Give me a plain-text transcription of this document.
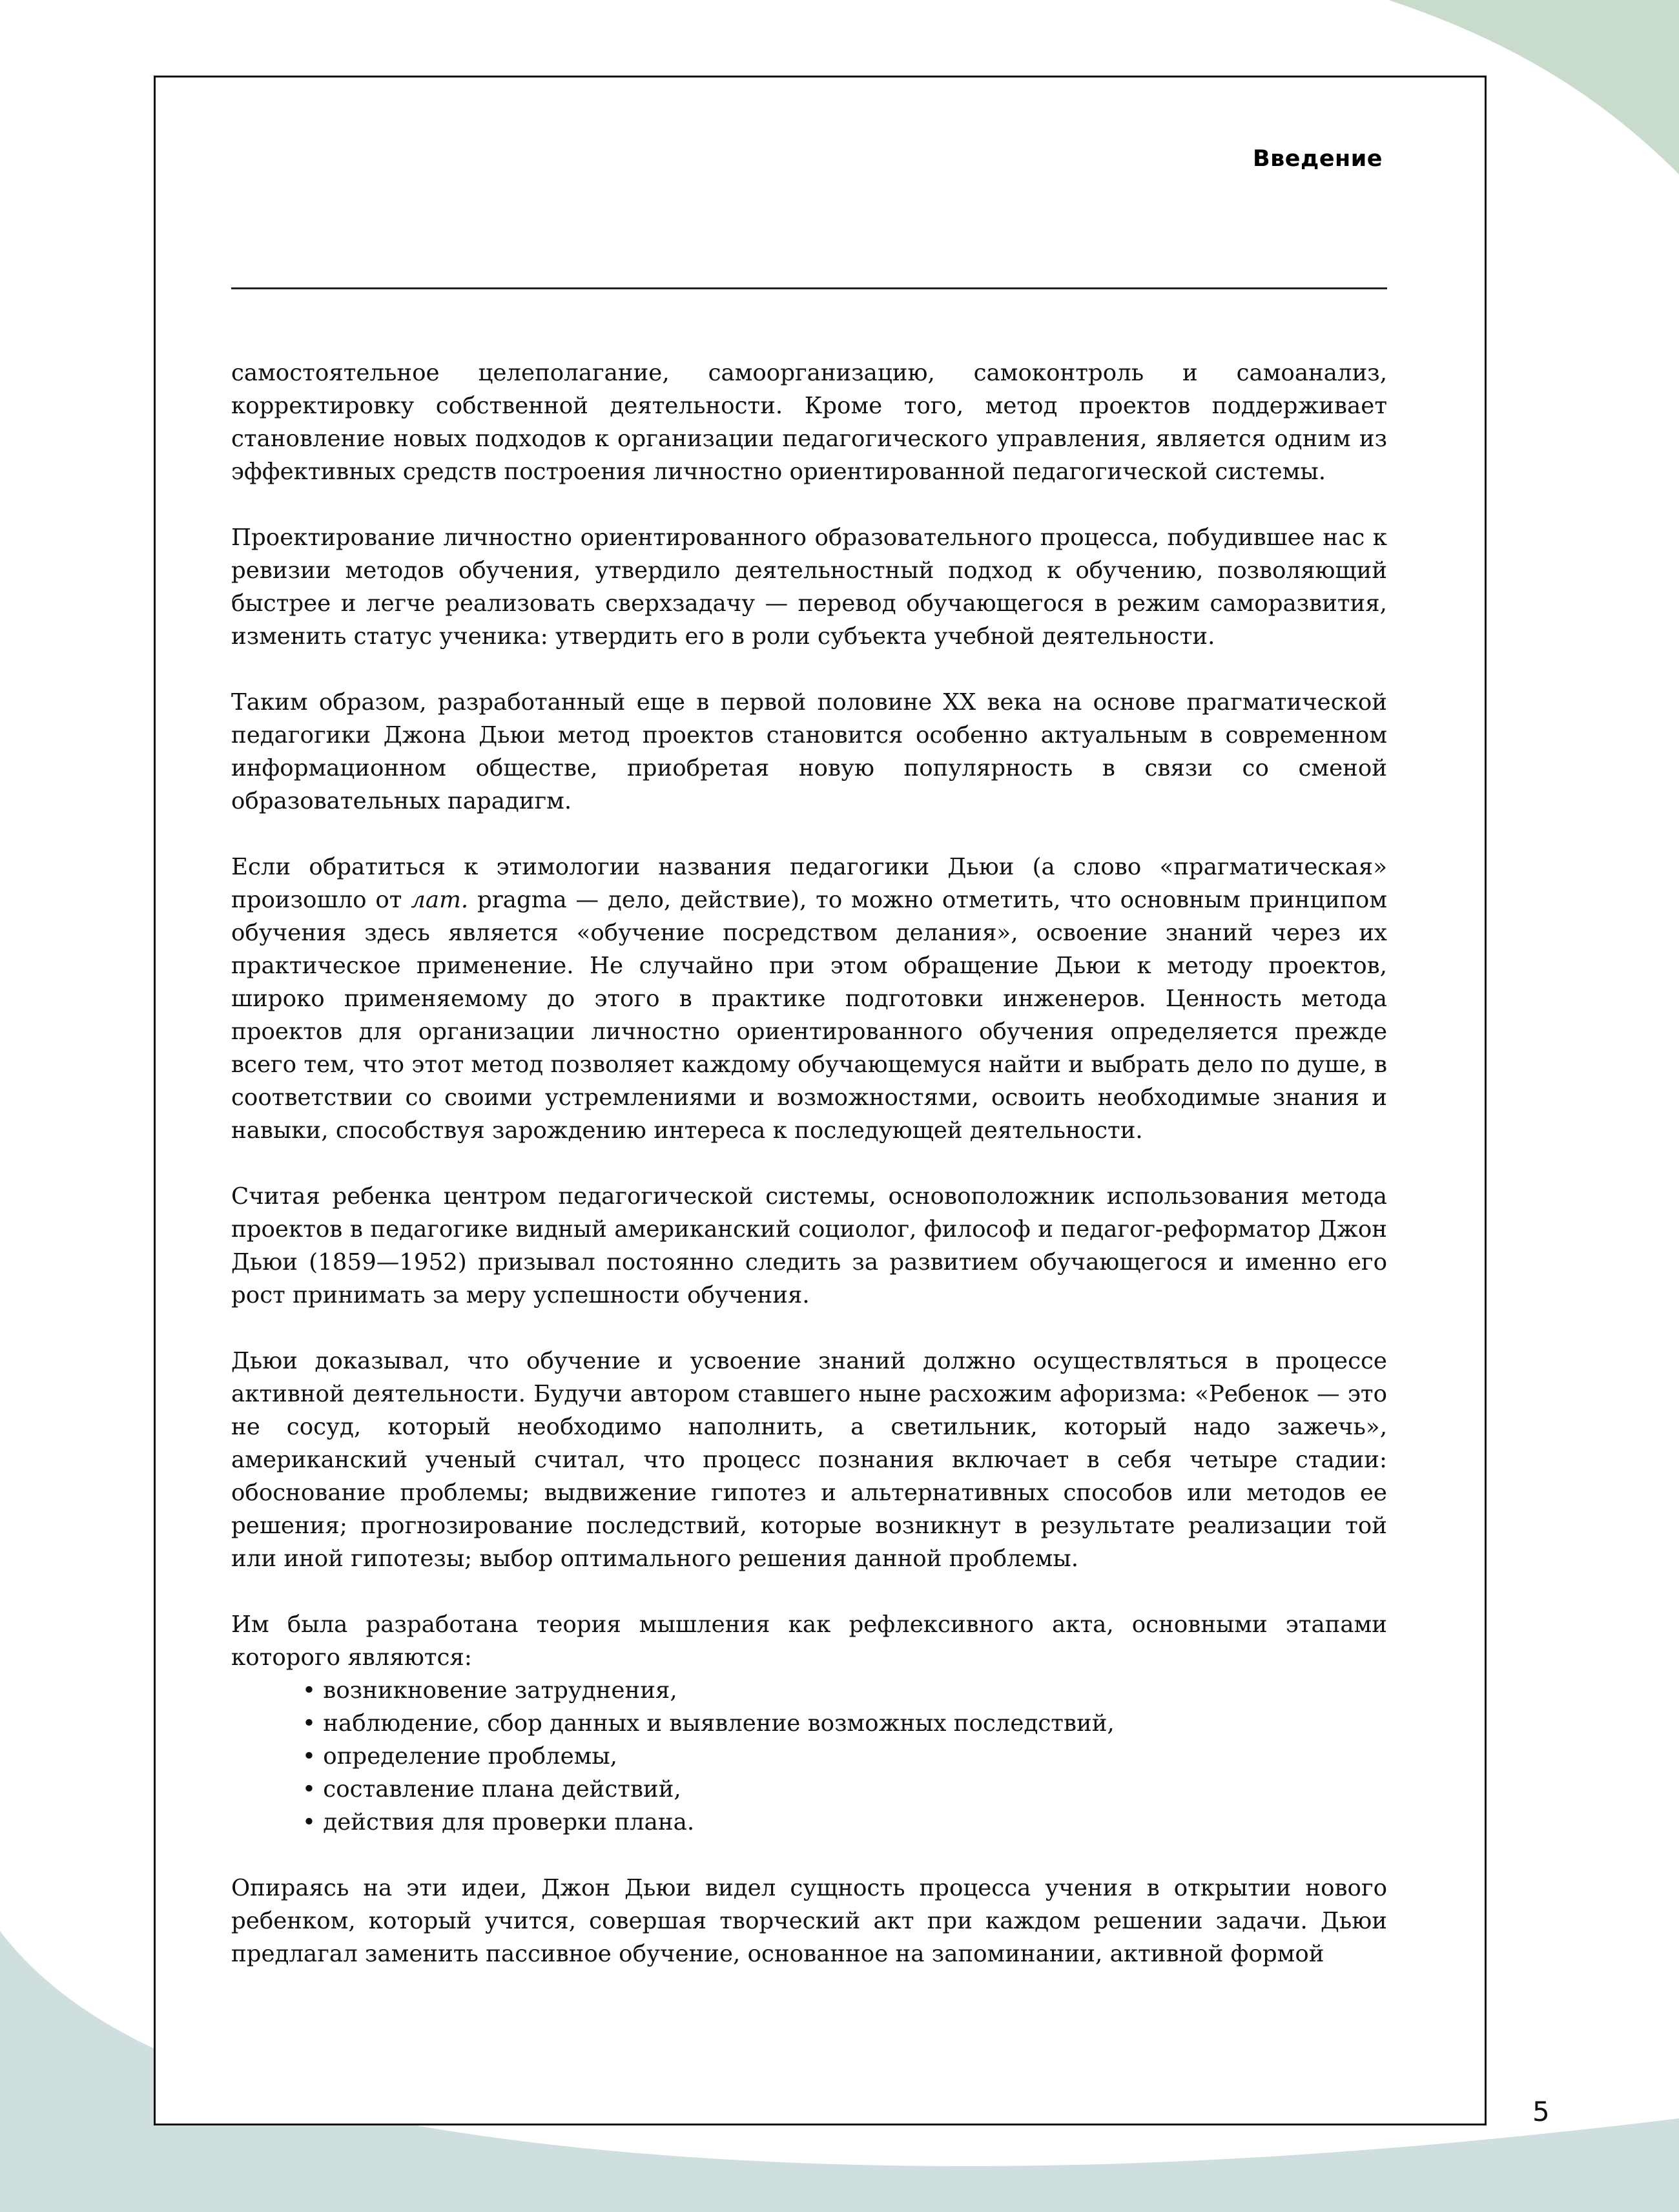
Введение

самостоятельное целеполагание, самоорганизацию, самоконтроль и самоанализ, корректировку собственной деятельности. Кроме того, метод проектов поддерживает становление новых подходов к организации педагогического управления, является одним из эффективных средств построения личностно ориентированной педагогической системы.

Проектирование личностно ориентированного образовательного процесса, побудившее нас к ревизии методов обучения, утвердило деятельностный подход к обучению, позволяющий быстрее и легче реализовать сверхзадачу — перевод обучающегося в режим саморазвития, изменить статус ученика: утвердить его в роли субъекта учебной деятельности.

Таким образом, разработанный еще в первой половине XX века на основе прагматической педагогики Джона Дьюи метод проектов становится особенно актуальным в современном информационном обществе, приобретая новую популярность в связи со сменой образовательных парадигм.

Если обратиться к этимологии названия педагогики Дьюи (а слово «прагматическая» произошло от лат. pragma — дело, действие), то можно отметить, что основным принципом обучения здесь является «обучение посредством делания», освоение знаний через их практическое применение. Не случайно при этом обращение Дьюи к методу проектов, широко применяемому до этого в практике подготовки инженеров. Ценность метода проектов для организации личностно ориентированного обучения определяется прежде всего тем, что этот метод позволяет каждому обучающемуся найти и выбрать дело по душе, в соответствии со своими устремлениями и возможностями, освоить необходимые знания и навыки, способствуя зарождению интереса к последующей деятельности.

Считая ребенка центром педагогической системы, основоположник использования метода проектов в педагогике видный американский социолог, философ и педагог-реформатор Джон Дьюи (1859—1952) призывал постоянно следить за развитием обучающегося и именно его рост принимать за меру успешности обучения.

Дьюи доказывал, что обучение и усвоение знаний должно осуществляться в процессе активной деятельности. Будучи автором ставшего ныне расхожим афоризма: «Ребенок — это не сосуд, который необходимо наполнить, а светильник, который надо зажечь», американский ученый считал, что процесс познания включает в себя четыре стадии: обоснование проблемы; выдвижение гипотез и альтернативных способов или методов ее решения; прогнозирование последствий, которые возникнут в результате реализации той или иной гипотезы; выбор оптимального решения данной проблемы.

Им была разработана теория мышления как рефлексивного акта, основными этапами которого являются:

• возникновение затруднения,
• наблюдение, сбор данных и выявление возможных последствий,
• определение проблемы,
• составление плана действий,
• действия для проверки плана.

Опираясь на эти идеи, Джон Дьюи видел сущность процесса учения в открытии нового ребенком, который учится, совершая творческий акт при каждом решении задачи. Дьюи предлагал заменить пассивное обучение, основанное на запоминании, активной формой

5
